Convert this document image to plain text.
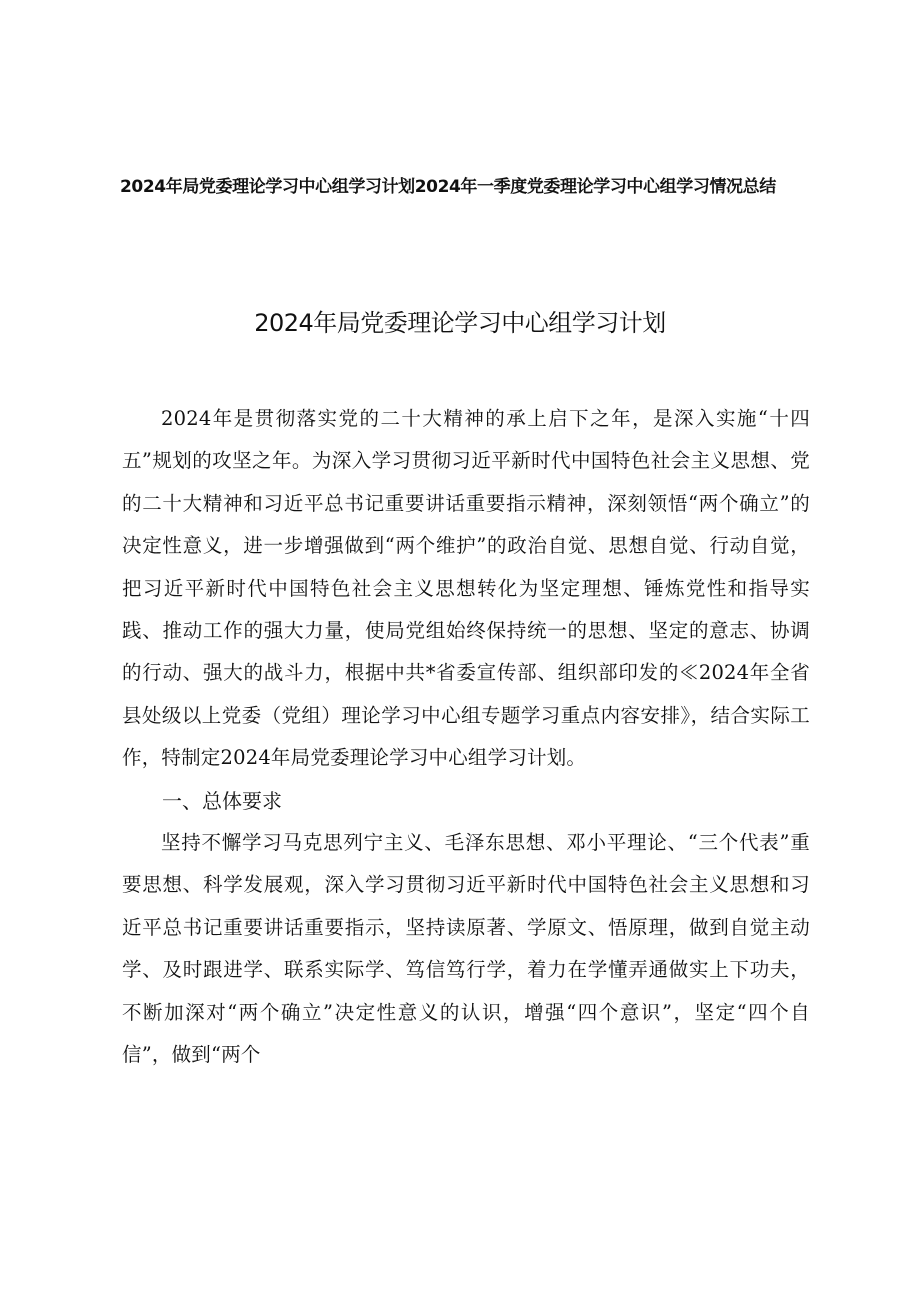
2024年局党委理论学习中心组学习计划2024年一季度党委理论学习中心组学习情况总结
2024年局党委理论学习中心组学习计划

2024年是贯彻落实党的二十大精神的承上启下之年，是深入实施“十四五”规划的攻坚之年。为深入学习贯彻习近平新时代中国特色社会主义思想、党的二十大精神和习近平总书记重要讲话重要指示精神，深刻领悟“两个确立”的决定性意义，进一步增强做到“两个维护”的政治自觉、思想自觉、行动自觉，把习近平新时代中国特色社会主义思想转化为坚定理想、锤炼党性和指导实践、推动工作的强大力量，使局党组始终保持统一的思想、坚定的意志、协调的行动、强大的战斗力，根据中共*省委宣传部、组织部印发的≪2024年全省县处级以上党委（党组）理论学习中心组专题学习重点内容安排》，结合实际工作，特制定2024年局党委理论学习中心组学习计划。

一、总体要求

坚持不懈学习马克思列宁主义、毛泽东思想、邓小平理论、“三个代表”重要思想、科学发展观，深入学习贯彻习近平新时代中国特色社会主义思想和习近平总书记重要讲话重要指示，坚持读原著、学原文、悟原理，做到自觉主动学、及时跟进学、联系实际学、笃信笃行学，着力在学懂弄通做实上下功夫，不断加深对“两个确立”决定性意义的认识，增强“四个意识”，坚定“四个自信”，做到“两个
